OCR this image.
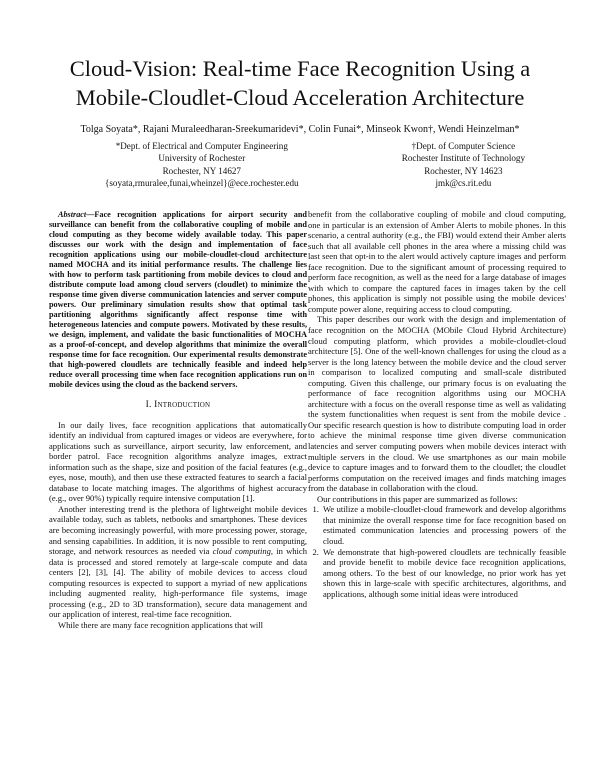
Cloud-Vision: Real-time Face Recognition Using a
Mobile-Cloudlet-Cloud Acceleration Architecture
Tolga Soyata*, Rajani Muraleedharan-Sreekumaridevi*, Colin Funai*, Minseok Kwon†, Wendi Heinzelman*
*Dept. of Electrical and Computer Engineering
University of Rochester
Rochester, NY 14627
{soyata,rmuralee,funai,wheinzel}@ece.rochester.edu
†Dept. of Computer Science
Rochester Institute of Technology
Rochester, NY 14623
jmk@cs.rit.edu

Abstract—Face recognition applications for airport security and surveillance can benefit from the collaborative coupling of mobile and cloud computing as they become widely available today. This paper discusses our work with the design and implementation of face recognition applications using our mobile-cloudlet-cloud architecture named MOCHA and its initial performance results. The challenge lies with how to perform task partitioning from mobile devices to cloud and distribute compute load among cloud servers (cloudlet) to minimize the response time given diverse communication latencies and server compute powers. Our preliminary simulation results show that optimal task partitioning algorithms significantly affect response time with heterogeneous latencies and compute powers. Motivated by these results, we design, implement, and validate the basic functionalities of MOCHA as a proof-of-concept, and develop algorithms that minimize the overall response time for face recognition. Our experimental results demonstrate that high-powered cloudlets are technically feasible and indeed help reduce overall processing time when face recognition applications run on mobile devices using the cloud as the backend servers.

I. Introduction

In our daily lives, face recognition applications that automatically identify an individual from captured images or videos are everywhere, for applications such as surveillance, airport security, law enforcement, and border patrol. Face recognition algorithms analyze images, extract information such as the shape, size and position of the facial features (e.g., eyes, nose, mouth), and then use these extracted features to search a facial database to locate matching images. The algorithms of highest accuracy (e.g., over 90%) typically require intensive computation [1].

Another interesting trend is the plethora of lightweight mobile devices available today, such as tablets, netbooks and smartphones. These devices are becoming increasingly powerful, with more processing power, storage, and sensing capabilities. In addition, it is now possible to rent computing, storage, and network resources as needed via cloud computing, in which data is processed and stored remotely at large-scale compute and data centers [2], [3], [4]. The ability of mobile devices to access cloud computing resources is expected to support a myriad of new applications including augmented reality, high-performance file systems, image processing (e.g., 2D to 3D transformation), secure data management and our application of interest, real-time face recognition.

While there are many face recognition applications that will

benefit from the collaborative coupling of mobile and cloud computing, one in particular is an extension of Amber Alerts to mobile phones. In this scenario, a central authority (e.g., the FBI) would extend their Amber alerts such that all available cell phones in the area where a missing child was last seen that opt-in to the alert would actively capture images and perform face recognition. Due to the significant amount of processing required to perform face recognition, as well as the need for a large database of images with which to compare the captured faces in images taken by the cell phones, this application is simply not possible using the mobile devices' compute power alone, requiring access to cloud computing.

This paper describes our work with the design and implementation of face recognition on the MOCHA (MObile Cloud Hybrid Architecture) cloud computing platform, which provides a mobile-cloudlet-cloud architecture [5]. One of the well-known challenges for using the cloud as a server is the long latency between the mobile device and the cloud server in comparison to localized computing and small-scale distributed computing. Given this challenge, our primary focus is on evaluating the performance of face recognition algorithms using our MOCHA architecture with a focus on the overall response time as well as validating the system functionalities when request is sent from the mobile device . Our specific research question is how to distribute computing load in order to achieve the minimal response time given diverse communication latencies and server computing powers when mobile devices interact with multiple servers in the cloud. We use smartphones as our main mobile device to capture images and to forward them to the cloudlet; the cloudlet performs computation on the received images and finds matching images from the database in collaboration with the cloud.

Our contributions in this paper are summarized as follows:

1. We utilize a mobile-cloudlet-cloud framework and develop algorithms that minimize the overall response time for face recognition based on estimated communication latencies and processing powers of the cloud.
2. We demonstrate that high-powered cloudlets are technically feasible and provide benefit to mobile device face recognition applications, among others. To the best of our knowledge, no prior work has yet shown this in large-scale with specific architectures, algorithms, and applications, although some initial ideas were introduced
